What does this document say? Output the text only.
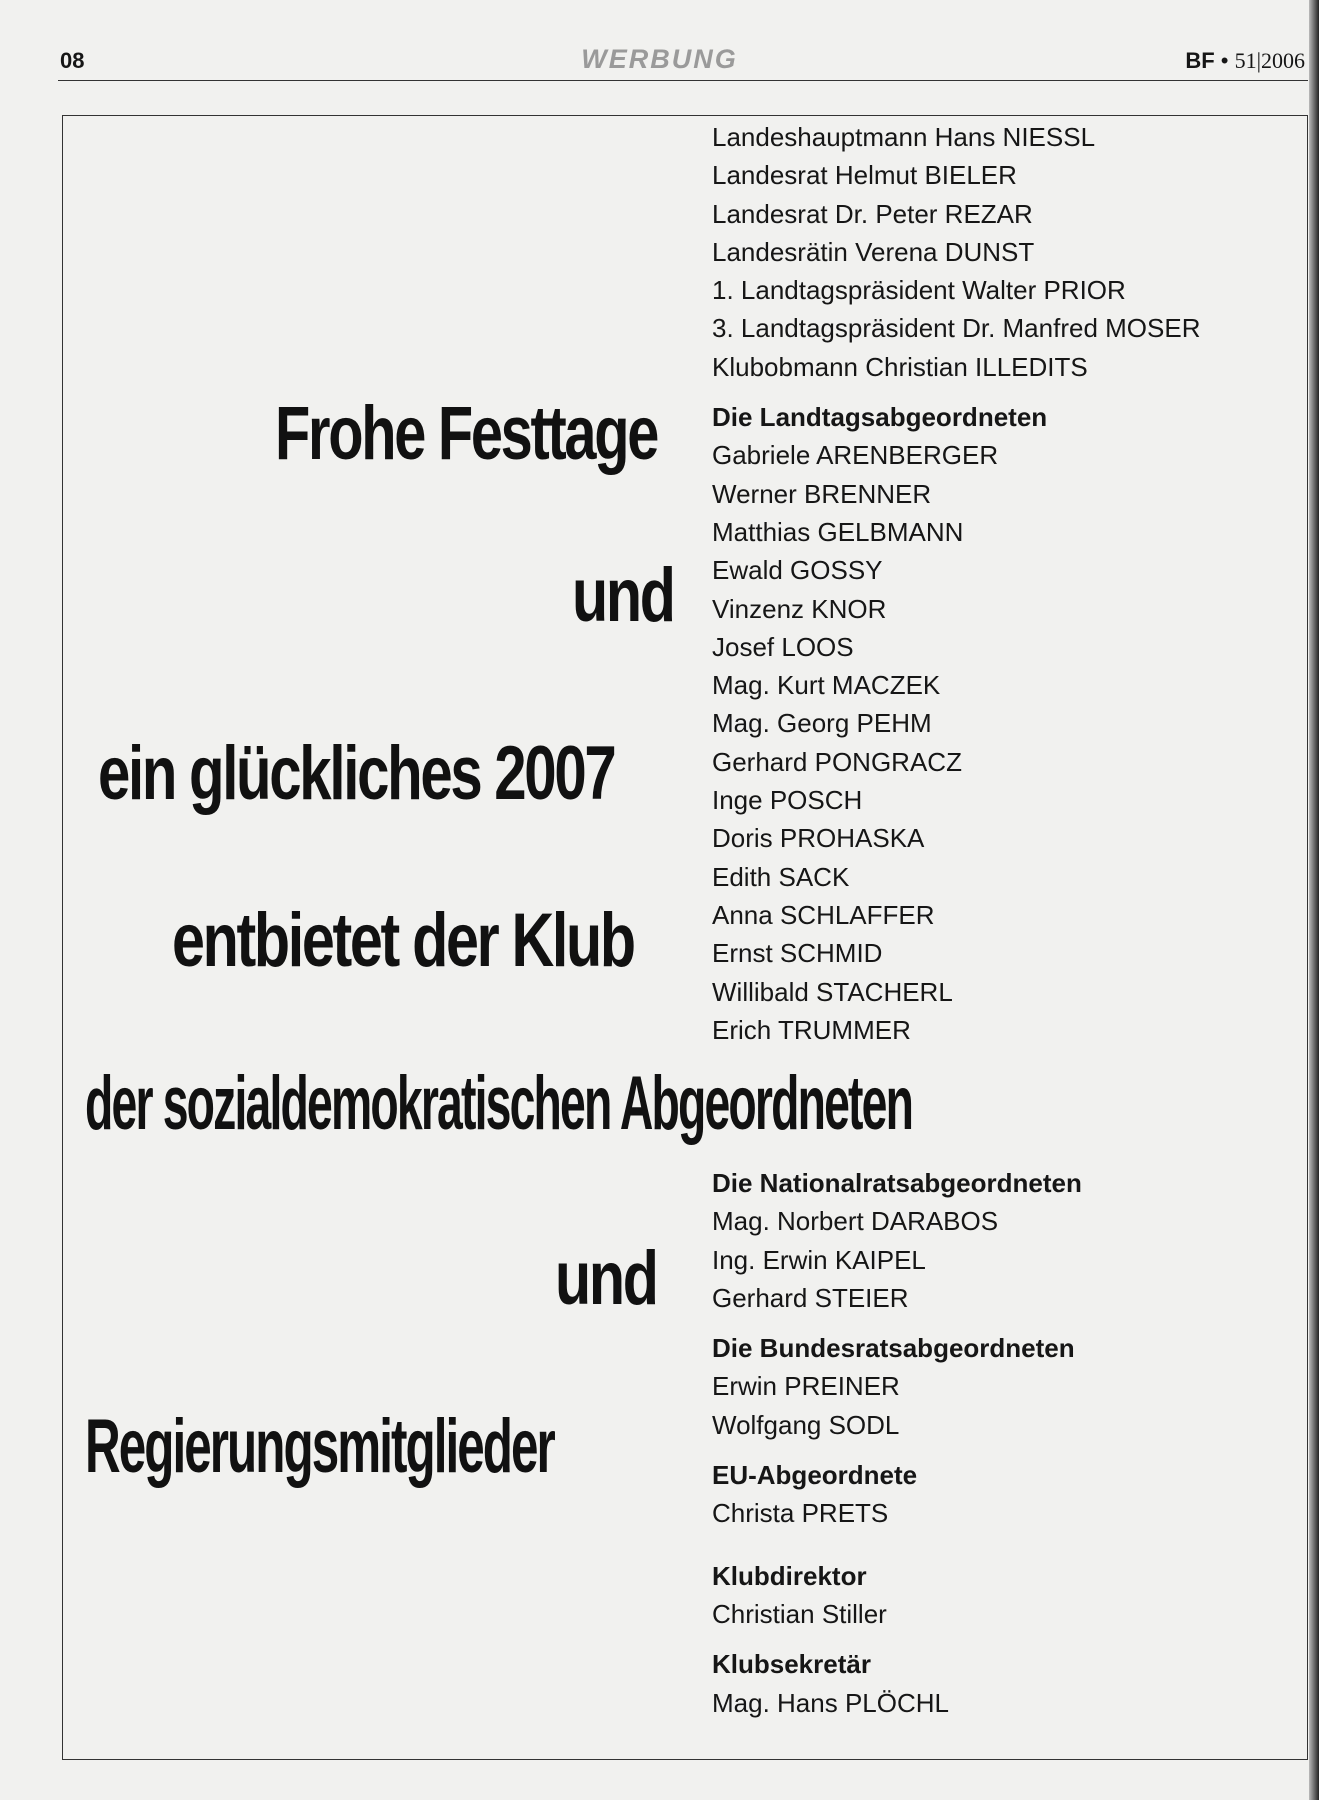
08	WERBUNG	BF • 51|2006
Frohe Festtage
und
ein glückliches 2007
entbietet der Klub
der sozialdemokratischen Abgeordneten
und
Regierungsmitglieder
Landeshauptmann Hans NIESSL
Landesrat Helmut BIELER
Landesrat Dr. Peter REZAR
Landesrätin Verena DUNST
1. Landtagspräsident Walter PRIOR
3. Landtagspräsident Dr. Manfred MOSER
Klubobmann Christian ILLEDITS
Die Landtagsabgeordneten
Gabriele ARENBERGER
Werner BRENNER
Matthias GELBMANN
Ewald GOSSY
Vinzenz KNOR
Josef LOOS
Mag. Kurt MACZEK
Mag. Georg PEHM
Gerhard PONGRACZ
Inge POSCH
Doris PROHASKA
Edith SACK
Anna SCHLAFFER
Ernst SCHMID
Willibald STACHERL
Erich TRUMMER
Die Nationalratsabgeordneten
Mag. Norbert DARABOS
Ing. Erwin KAIPEL
Gerhard STEIER
Die Bundesratsabgeordneten
Erwin PREINER
Wolfgang SODL
EU-Abgeordnete
Christa PRETS
Klubdirektor
Christian Stiller
Klubsekretär
Mag. Hans PLÖCHL
